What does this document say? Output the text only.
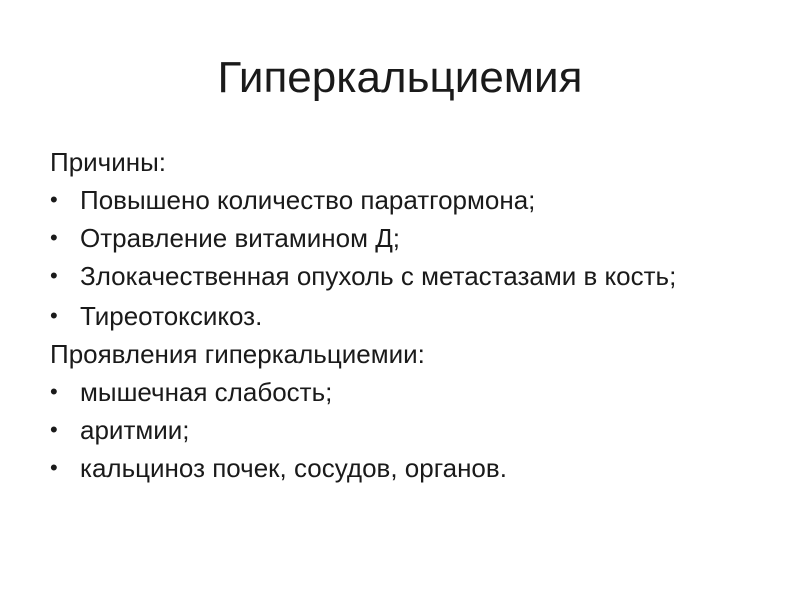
Гиперкальциемия

Причины:

• Повышено количество паратгормона;
• Отравление витамином Д;
• Злокачественная опухоль с метастазами в кость;
• Тиреотоксикоз.

Проявления гиперкальциемии:

• мышечная слабость;
• аритмии;
• кальциноз почек, сосудов, органов.
